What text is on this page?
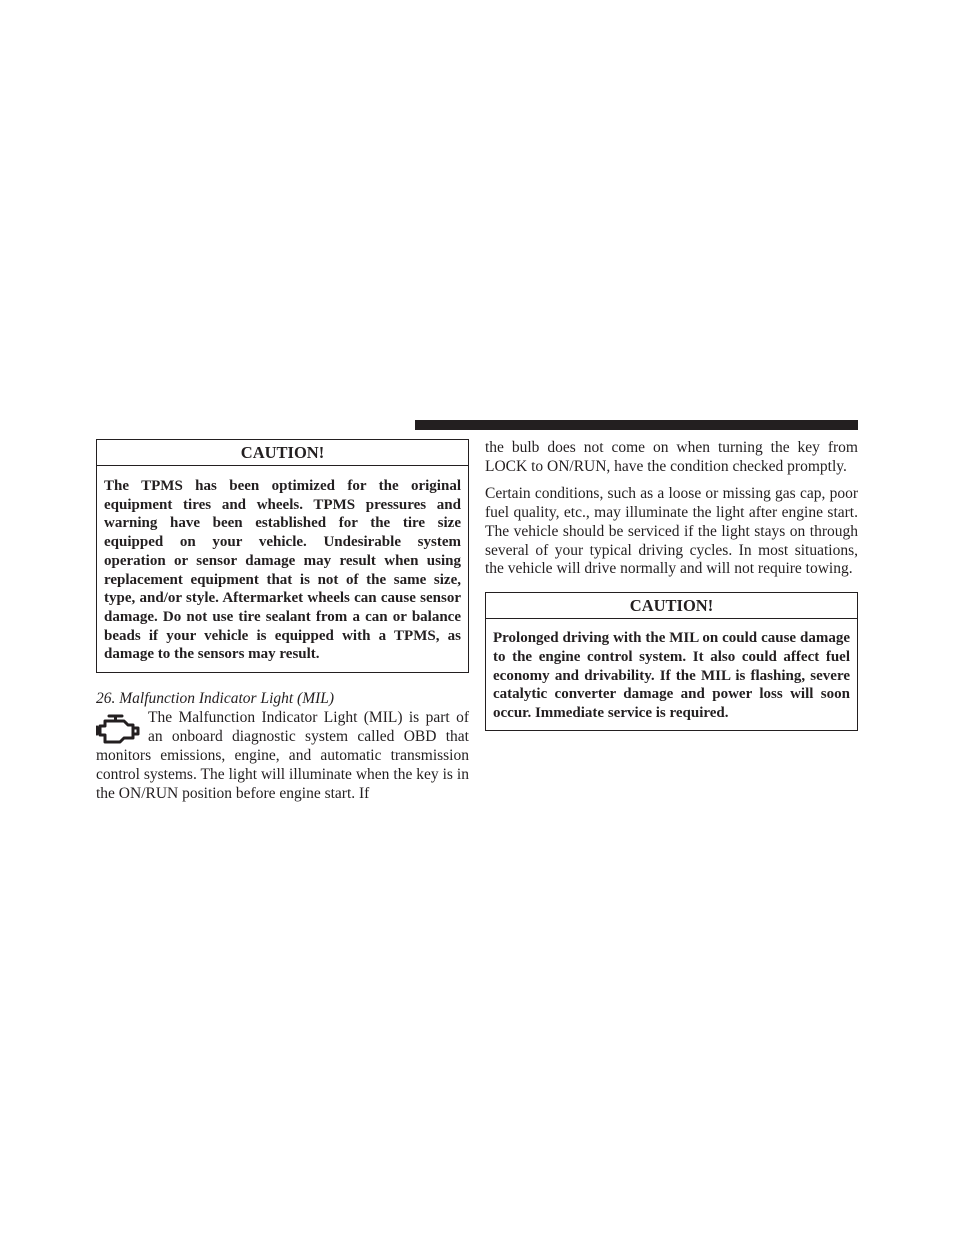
CAUTION!
The TPMS has been optimized for the original equipment tires and wheels. TPMS pressures and warning have been established for the tire size equipped on your vehicle. Undesirable system operation or sensor damage may result when using replacement equipment that is not of the same size, type, and/or style. Aftermarket wheels can cause sensor damage. Do not use tire sealant from a can or balance beads if your vehicle is equipped with a TPMS, as damage to the sensors may result.
26. Malfunction Indicator Light (MIL)

The Malfunction Indicator Light (MIL) is part of an onboard diagnostic system called OBD that monitors emissions, engine, and automatic transmission control systems. The light will illuminate when the key is in the ON/RUN position before engine start. If

the bulb does not come on when turning the key from LOCK to ON/RUN, have the condition checked promptly.

Certain conditions, such as a loose or missing gas cap, poor fuel quality, etc., may illuminate the light after engine start. The vehicle should be serviced if the light stays on through several of your typical driving cycles. In most situations, the vehicle will drive normally and will not require towing.

CAUTION!
Prolonged driving with the MIL on could cause damage to the engine control system. It also could affect fuel economy and drivability. If the MIL is flashing, severe catalytic converter damage and power loss will soon occur. Immediate service is required.
